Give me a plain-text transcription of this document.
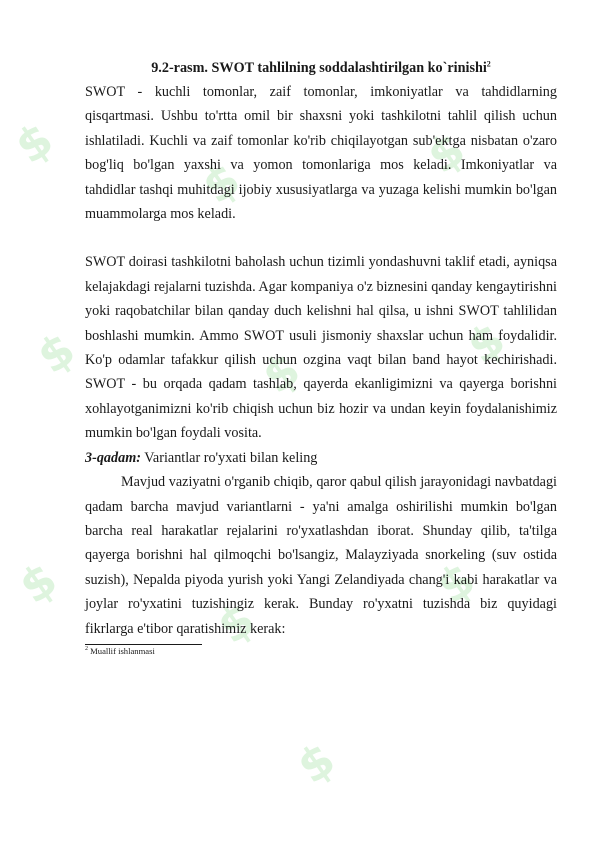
$
$	$
$	$	$
$
$
$
$
9.2-rasm. SWOT tahlilning soddalashtirilgan ko`rinishi$^2$

SWOT - kuchli tomonlar, zaif tomonlar, imkoniyatlar va tahdidlarning qisqartmasi. Ushbu to'rtta omil bir shaxsni yoki tashkilotni tahlil qilish uchun ishlatiladi. Kuchli va zaif tomonlar ko'rib chiqilayotgan sub'ektga nisbatan o'zaro bog'liq bo'lgan yaxshi va yomon tomonlariga mos keladi. Imkoniyatlar va tahdidlar tashqi muhitdagi ijobiy xususiyatlarga va yuzaga kelishi mumkin bo'lgan muammolarga mos keladi.

SWOT doirasi tashkilotni baholash uchun tizimli yondashuvni taklif etadi, ayniqsa kelajakdagi rejalarni tuzishda. Agar kompaniya o'z biznesini qanday kengaytirishni yoki raqobatchilar bilan qanday duch kelishni hal qilsa, u ishni SWOT tahlilidan boshlashi mumkin. Ammo SWOT usuli jismoniy shaxslar uchun ham foydalidir. Ko'p odamlar tafakkur qilish uchun ozgina vaqt bilan band hayot kechirishadi. SWOT - bu orqada qadam tashlab, qayerda ekanligimizni va qayerga borishni xohlayotganimizni ko'rib chiqish uchun biz hozir va undan keyin foydalanishimiz mumkin bo'lgan foydali vosita.

3-qadam: Variantlar ro'yxati bilan keling

Mavjud vaziyatni o'rganib chiqib, qaror qabul qilish jarayonidagi navbatdagi qadam barcha mavjud variantlarni - ya'ni amalga oshirilishi mumkin bo'lgan barcha real harakatlar rejalarini ro'yxatlashdan iborat. Shunday qilib, ta'tilga qayerga borishni hal qilmoqchi bo'lsangiz, Malayziyada snorkeling (suv ostida suzish), Nepalda piyoda yurish yoki Yangi Zelandiyada chang'i kabi harakatlar va joylar ro'yxatini tuzishingiz kerak. Bunday ro'yxatni tuzishda biz quyidagi fikrlarga e'tibor qaratishimiz kerak:

$^2$ Muallif ishlanmasi
